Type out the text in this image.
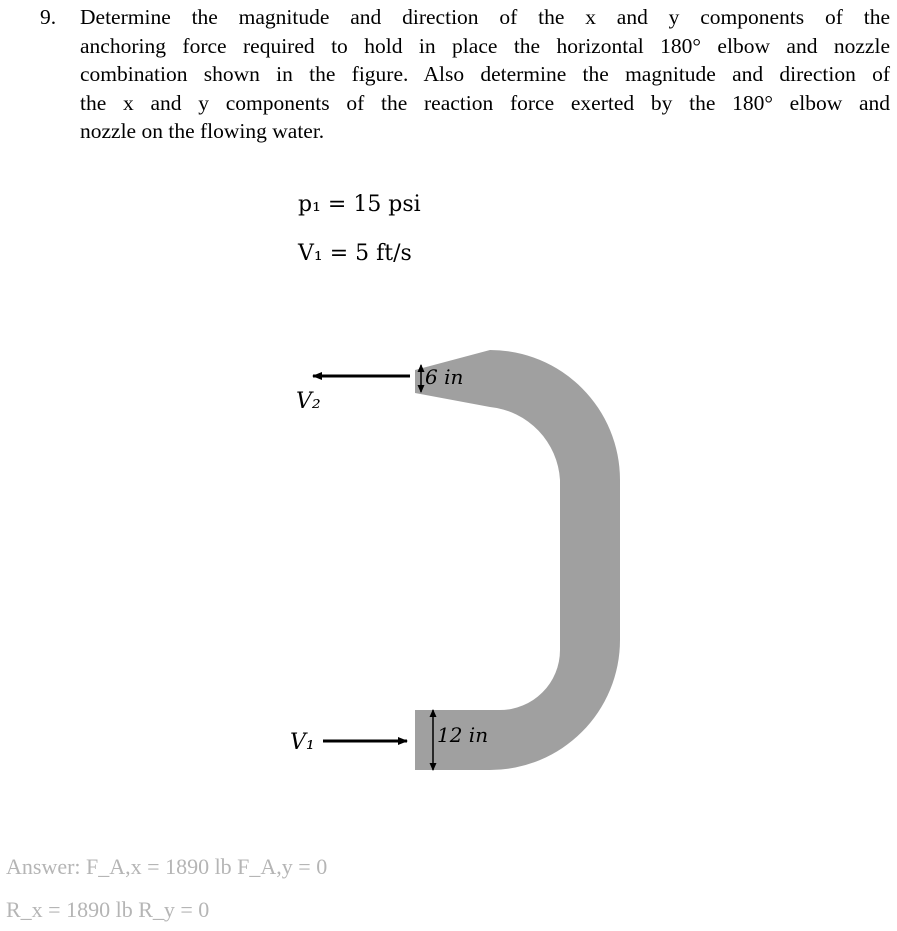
9.	Determine the magnitude and direction of the x and y components of the
anchoring force required to hold in place the horizontal 180° elbow and nozzle
combination shown in the figure. Also determine the magnitude and direction of
the x and y components of the reaction force exerted by the 180° elbow and
nozzle on the flowing water.
p₁ = 15 psi
V₁ = 5 ft/s
6 in
12 in
V₂
V₁
Answer: F_A,x = 1890 lb F_A,y = 0
R_x = 1890 lb R_y = 0
